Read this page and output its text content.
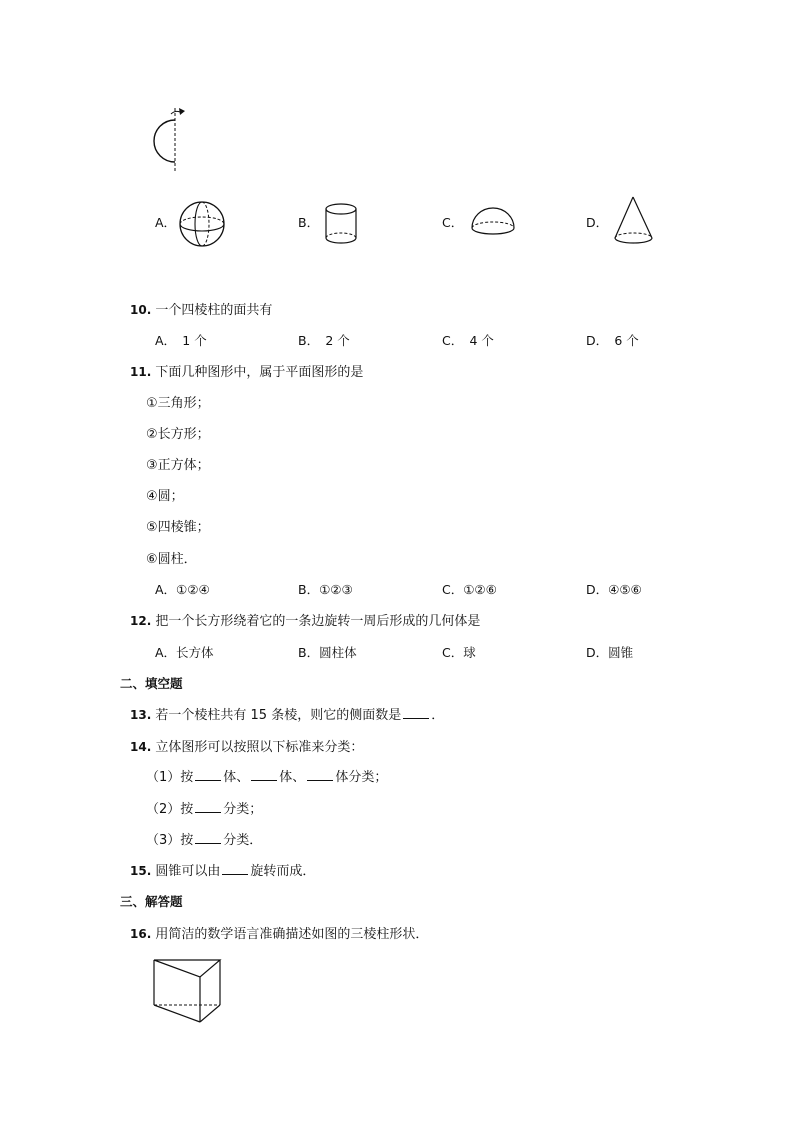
A．	B．	C．	D．
10. 一个四棱柱的面共有
A．　1 个	B．　2 个	C．　4 个	D．　6 个
11. 下面几种图形中，属于平面图形的是
①三角形；
②长方形；
③正方体；
④圆；
⑤四棱锥；
⑥圆柱．
A．①②④	B．①②③	C．①②⑥	D．④⑤⑥
12. 把一个长方形绕着它的一条边旋转一周后形成的几何体是
A．长方体	B．圆柱体	C．球	D．圆锥
二、填空题
13. 若一个棱柱共有 15 条棱，则它的侧面数是 ．
14. 立体图形可以按照以下标准来分类：
（1）按 体、 体、 体分类；
（2）按 分类；
（3）按 分类．
15. 圆锥可以由 旋转而成．
三、解答题
16. 用简洁的数学语言准确描述如图的三棱柱形状．
